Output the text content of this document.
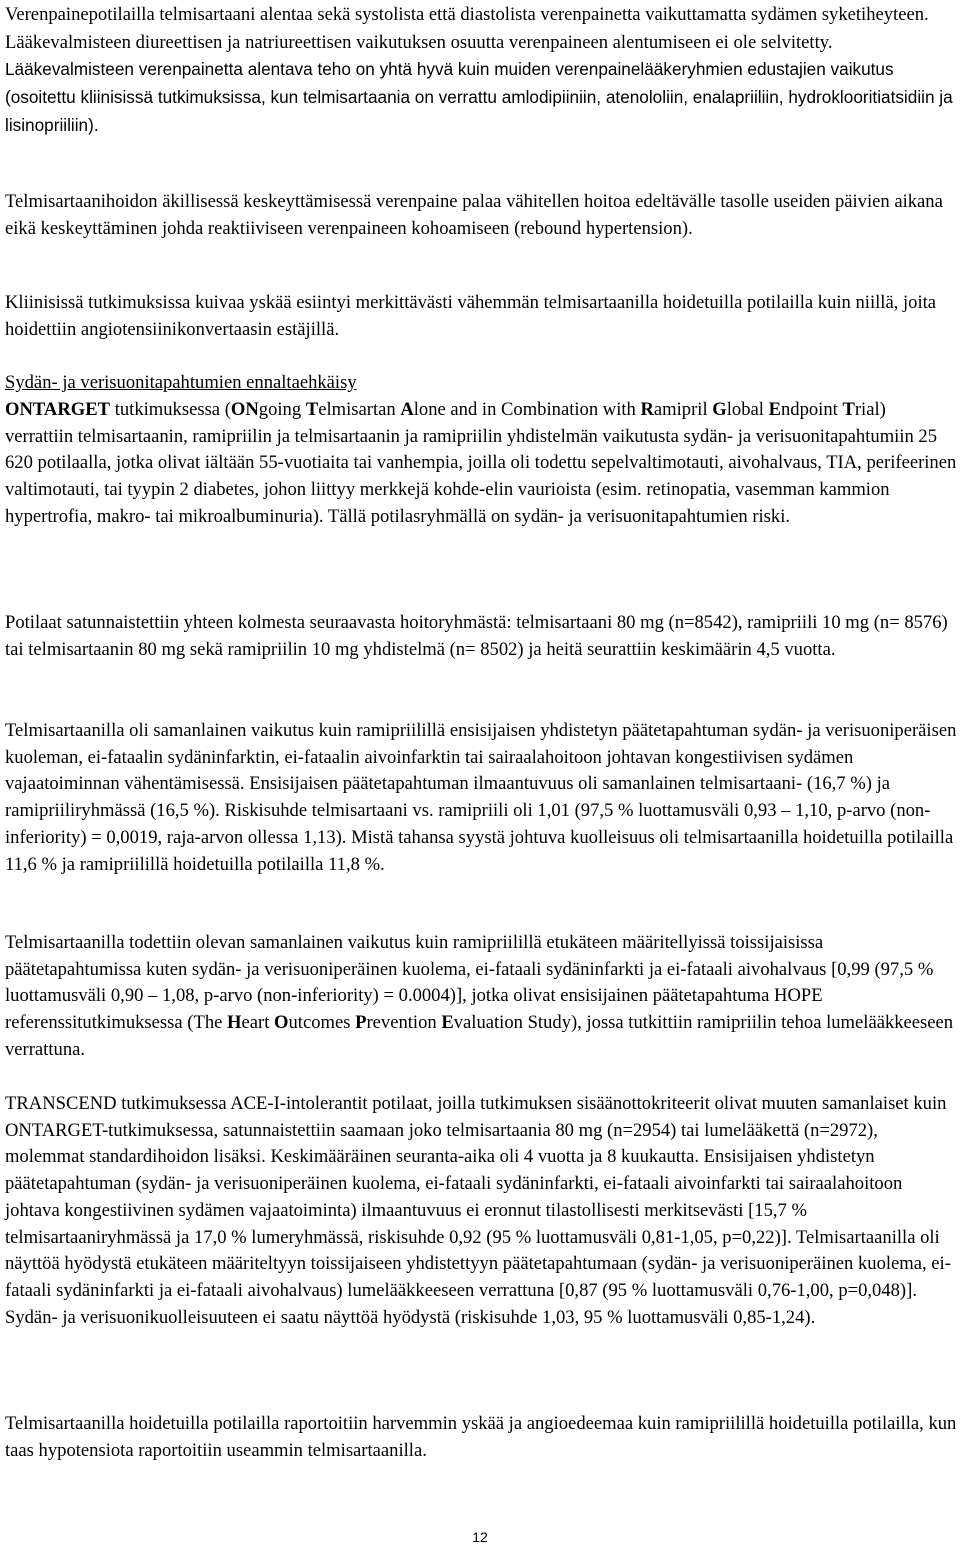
Verenpainepotilailla telmisartaani alentaa sekä systolista että diastolista verenpainetta vaikuttamatta sydämen syketiheyteen. Lääkevalmisteen diureettisen ja natriureettisen vaikutuksen osuutta verenpaineen alentumiseen ei ole selvitetty. Lääkevalmisteen verenpainetta alentava teho on yhtä hyvä kuin muiden verenpainelääkeryhmien edustajien vaikutus (osoitettu kliinisissä tutkimuksissa, kun telmisartaania on verrattu amlodipiiniin, atenololiin, enalapriiliin, hydroklooritiatsidiin ja lisinopriiliin).

Telmisartaanihoidon äkillisessä keskeyttämisessä verenpaine palaa vähitellen hoitoa edeltävälle tasolle useiden päivien aikana eikä keskeyttäminen johda reaktiiviseen verenpaineen kohoamiseen (rebound hypertension).

Kliinisissä tutkimuksissa kuivaa yskää esiintyi merkittävästi vähemmän telmisartaanilla hoidetuilla potilailla kuin niillä, joita hoidettiin angiotensiinikonvertaasin estäjillä.

Sydän- ja verisuonitapahtumien ennaltaehkäisy

ONTARGET tutkimuksessa (ONgoing Telmisartan Alone and in Combination with Ramipril Global Endpoint Trial) verrattiin telmisartaanin, ramipriilin ja telmisartaanin ja ramipriilin yhdistelmän vaikutusta sydän- ja verisuonitapahtumiin 25 620 potilaalla, jotka olivat iältään 55-vuotiaita tai vanhempia, joilla oli todettu sepelvaltimotauti, aivohalvaus, TIA, perifeerinen valtimotauti, tai tyypin 2 diabetes, johon liittyy merkkejä kohde-elin vaurioista (esim. retinopatia, vasemman kammion hypertrofia, makro- tai mikroalbuminuria). Tällä potilasryhmällä on sydän- ja verisuonitapahtumien riski.

Potilaat satunnaistettiin yhteen kolmesta seuraavasta hoitoryhmästä: telmisartaani 80 mg (n=8542), ramipriili 10 mg (n= 8576) tai telmisartaanin 80 mg sekä ramipriilin 10 mg yhdistelmä (n= 8502) ja heitä seurattiin keskimäärin 4,5 vuotta.

Telmisartaanilla oli samanlainen vaikutus kuin ramipriilillä ensisijaisen yhdistetyn päätetapahtuman sydän- ja verisuoniperäisen kuoleman, ei-fataalin sydäninfarktin, ei-fataalin aivoinfarktin tai sairaalahoitoon johtavan kongestiivisen sydämen vajaatoiminnan vähentämisessä. Ensisijaisen päätetapahtuman ilmaantuvuus oli samanlainen telmisartaani- (16,7 %) ja ramipriiliryhmässä (16,5 %). Riskisuhde telmisartaani vs. ramipriili oli 1,01 (97,5 % luottamusväli 0,93 – 1,10, p-arvo (non-inferiority) = 0,0019, raja-arvon ollessa 1,13). Mistä tahansa syystä johtuva kuolleisuus oli telmisartaanilla hoidetuilla potilailla 11,6 % ja ramipriilillä hoidetuilla potilailla 11,8 %.

Telmisartaanilla todettiin olevan samanlainen vaikutus kuin ramipriilillä etukäteen määritellyissä toissijaisissa päätetapahtumissa kuten sydän- ja verisuoniperäinen kuolema, ei-fataali sydäninfarkti ja ei-fataali aivohalvaus [0,99 (97,5 % luottamusväli 0,90 – 1,08, p-arvo (non-inferiority) = 0.0004)], jotka olivat ensisijainen päätetapahtuma HOPE referenssitutkimuksessa (The Heart Outcomes Prevention Evaluation Study), jossa tutkittiin ramipriilin tehoa lumelääkkeeseen verrattuna.

TRANSCEND tutkimuksessa ACE-I-intolerantit potilaat, joilla tutkimuksen sisäänottokriteerit olivat muuten samanlaiset kuin ONTARGET-tutkimuksessa, satunnaistettiin saamaan joko telmisartaania 80 mg (n=2954) tai lumelääkettä (n=2972), molemmat standardihoidon lisäksi. Keskimääräinen seuranta-aika oli 4 vuotta ja 8 kuukautta. Ensisijaisen yhdistetyn päätetapahtuman (sydän- ja verisuoniperäinen kuolema, ei-fataali sydäninfarkti, ei-fataali aivoinfarkti tai sairaalahoitoon johtava kongestiivinen sydämen vajaatoiminta) ilmaantuvuus ei eronnut tilastollisesti merkitsevästi [15,7 % telmisartaaniryhmässä ja 17,0 % lumeryhmässä, riskisuhde 0,92 (95 % luottamusväli 0,81-1,05, p=0,22)]. Telmisartaanilla oli näyttöä hyödystä etukäteen määriteltyyn toissijaiseen yhdistettyyn päätetapahtumaan (sydän- ja verisuoniperäinen kuolema, ei-fataali sydäninfarkti ja ei-fataali aivohalvaus) lumelääkkeeseen verrattuna [0,87 (95 % luottamusväli 0,76-1,00, p=0,048)]. Sydän- ja verisuonikuolleisuuteen ei saatu näyttöä hyödystä (riskisuhde 1,03, 95 % luottamusväli 0,85-1,24).

Telmisartaanilla hoidetuilla potilailla raportoitiin harvemmin yskää ja angioedeemaa kuin ramipriilillä hoidetuilla potilailla, kun taas hypotensiota raportoitiin useammin telmisartaanilla.

12
